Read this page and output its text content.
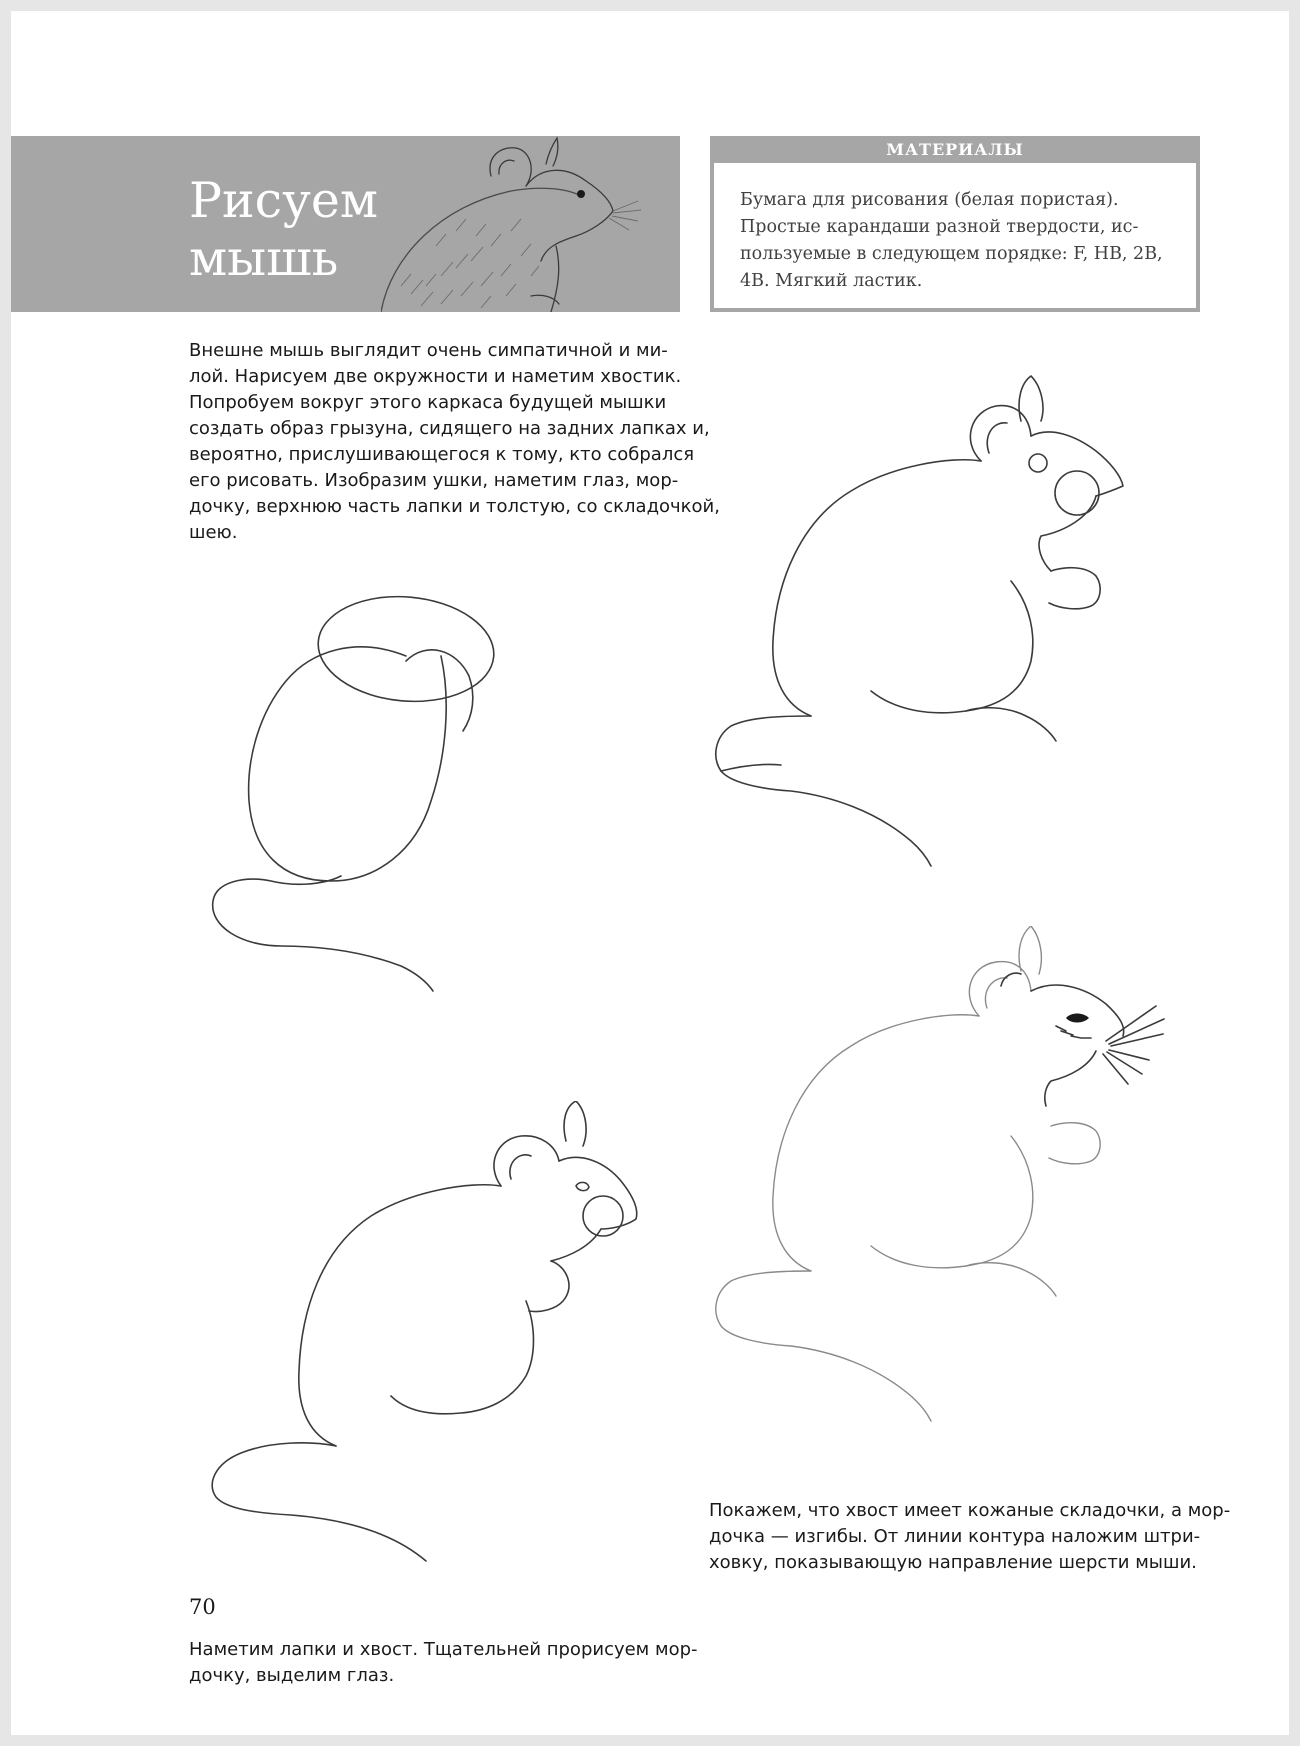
Рисуем
мышь
МАТЕРИАЛЫ
Бумага для рисования (белая пористая).
Простые карандаши разной твердости, ис-
пользуемые в следующем порядке: F, HB, 2B,
4B. Мягкий ластик.

Внешне мышь выглядит очень симпатичной и ми-
лой. Нарисуем две окружности и наметим хвостик.
Попробуем вокруг этого каркаса будущей мышки
создать образ грызуна, сидящего на задних лапках и,
вероятно, прислушивающегося к тому, кто собрался
его рисовать. Изобразим ушки, наметим глаз, мор-
дочку, верхнюю часть лапки и толстую, со складочкой,
шею.

Покажем, что хвост имеет кожаные складочки, а мор-
дочка — изгибы. От линии контура наложим штри-
ховку, показывающую направление шерсти мыши.

70

Наметим лапки и хвост. Тщательней прорисуем мор-
дочку, выделим глаз.
